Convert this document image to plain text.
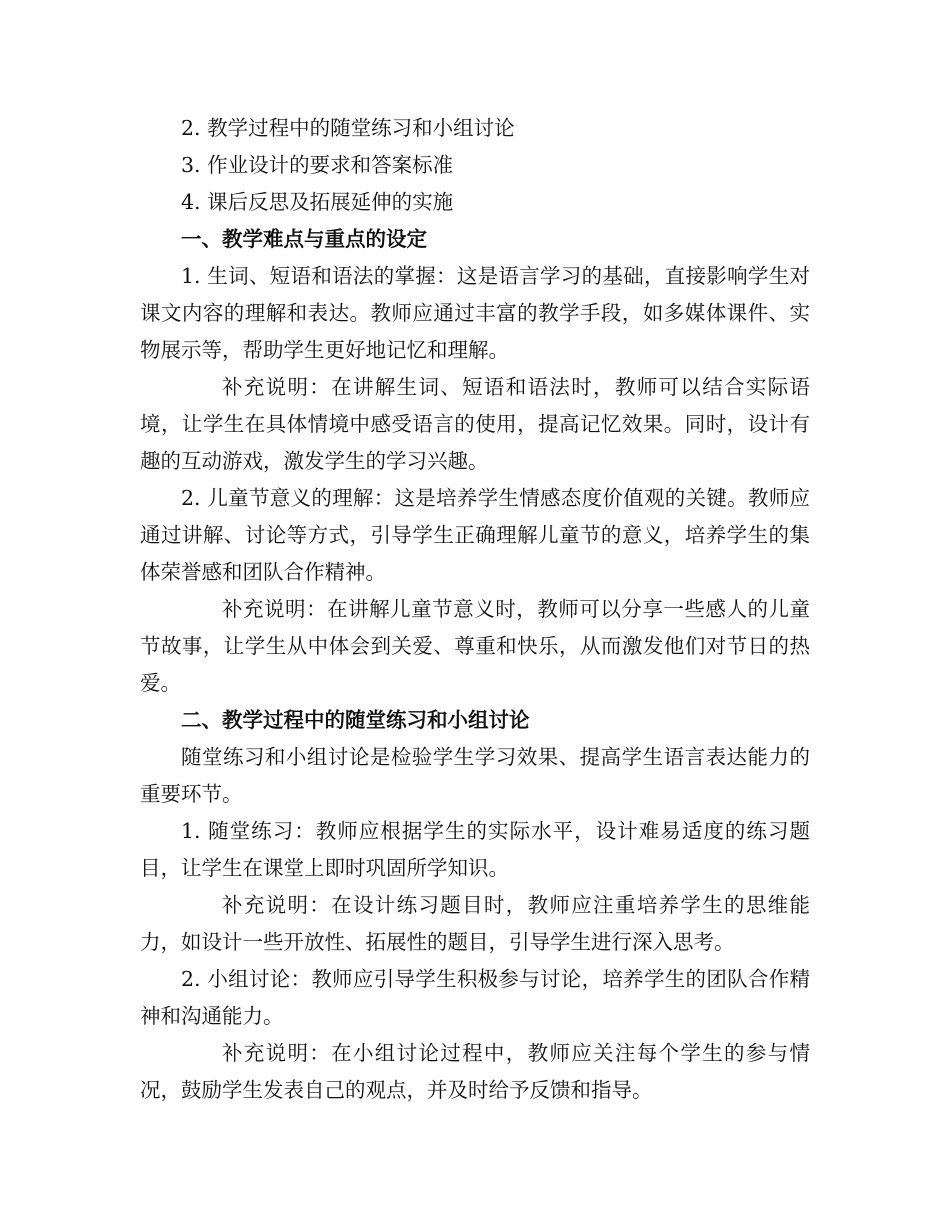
2. 教学过程中的随堂练习和小组讨论

3. 作业设计的要求和答案标准

4. 课后反思及拓展延伸的实施

一、教学难点与重点的设定

1. 生词、短语和语法的掌握：这是语言学习的基础，直接影响学生对课文内容的理解和表达。教师应通过丰富的教学手段，如多媒体课件、实物展示等，帮助学生更好地记忆和理解。

补充说明：在讲解生词、短语和语法时，教师可以结合实际语境，让学生在具体情境中感受语言的使用，提高记忆效果。同时，设计有趣的互动游戏，激发学生的学习兴趣。

2. 儿童节意义的理解：这是培养学生情感态度价值观的关键。教师应通过讲解、讨论等方式，引导学生正确理解儿童节的意义，培养学生的集体荣誉感和团队合作精神。

补充说明：在讲解儿童节意义时，教师可以分享一些感人的儿童节故事，让学生从中体会到关爱、尊重和快乐，从而激发他们对节日的热爱。

二、教学过程中的随堂练习和小组讨论

随堂练习和小组讨论是检验学生学习效果、提高学生语言表达能力的重要环节。

1. 随堂练习：教师应根据学生的实际水平，设计难易适度的练习题目，让学生在课堂上即时巩固所学知识。

补充说明：在设计练习题目时，教师应注重培养学生的思维能力，如设计一些开放性、拓展性的题目，引导学生进行深入思考。

2. 小组讨论：教师应引导学生积极参与讨论，培养学生的团队合作精神和沟通能力。

补充说明：在小组讨论过程中，教师应关注每个学生的参与情况，鼓励学生发表自己的观点，并及时给予反馈和指导。
